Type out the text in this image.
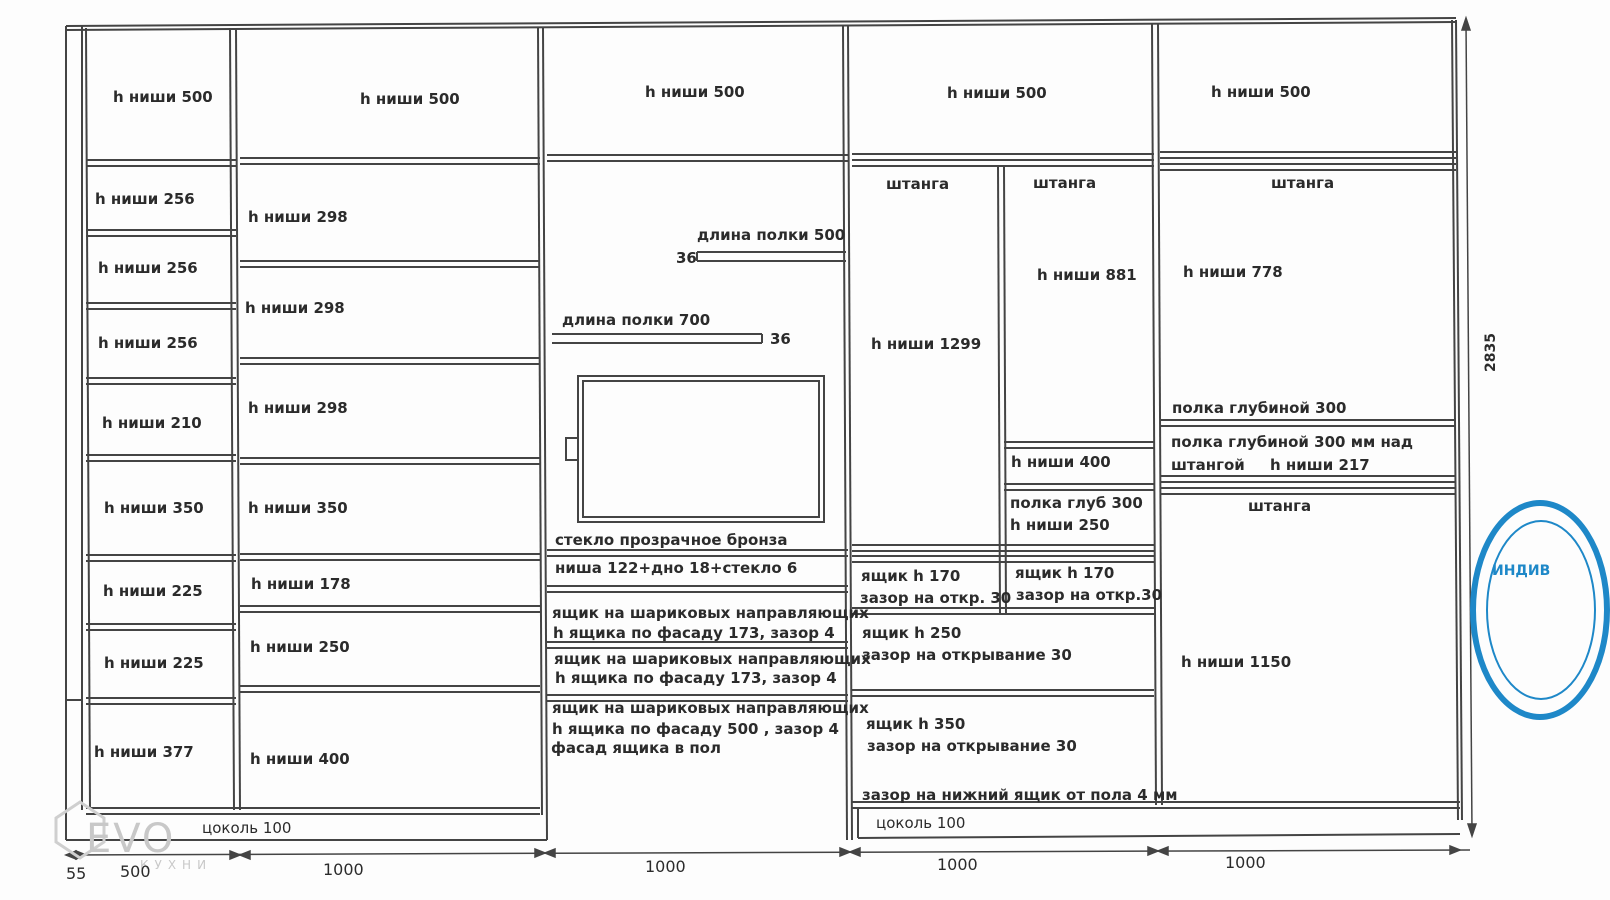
EVO
КУХНИ
ИНДИВ
2835
55 500	1000	1000	1000	1000
h ниши 500
h ниши 256
h ниши 256
h ниши 256
h ниши 210
h ниши 350
h ниши 225
h ниши 225
h ниши 377
цоколь 100
h ниши 500
h ниши 298
h ниши 298
h ниши 298
h ниши 350
h ниши 178
h ниши 250
h ниши 400
h ниши 500
длина полки 500
36
длина полки 700
36
стекло прозрачное бронза
ниша 122+дно 18+стекло 6
ящик на шариковых направляющих
h ящика по фасаду 173, зазор 4
ящик на шариковых направляющих
h ящика по фасаду 173, зазор 4
ящик на шариковых направляющих
h ящика по фасаду 500 , зазор 4
фасад ящика в пол
h ниши 500
штанга
h ниши 1299
штанга
h ниши 881
h ниши 400
полка глуб 300
h ниши 250
ящик h 170
зазор на откр. 30
ящик h 170
зазор на откр.30
ящик h 250
зазор на открывание 30
ящик h 350
зазор на открывание 30
зазор на нижний ящик от пола 4 мм
цоколь 100
h ниши 500
штанга
h ниши 778
полка глубиной 300
полка глубиной 300 мм над
штангой h ниши 217
штанга
h ниши 1150
